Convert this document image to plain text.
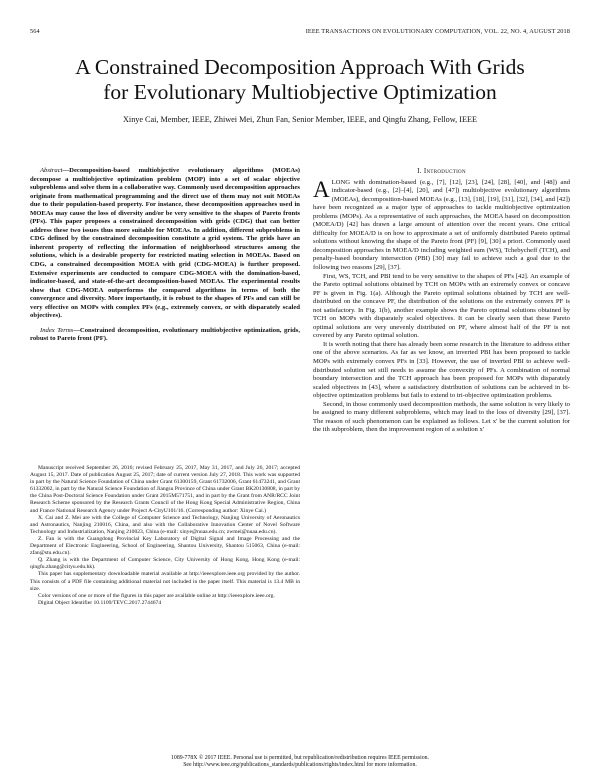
564	IEEE TRANSACTIONS ON EVOLUTIONARY COMPUTATION, VOL. 22, NO. 4, AUGUST 2018
A Constrained Decomposition Approach With Grids
for Evolutionary Multiobjective Optimization
Xinye Cai, Member, IEEE, Zhiwei Mei, Zhun Fan, Senior Member, IEEE, and Qingfu Zhang, Fellow, IEEE

Abstract—Decomposition-based multiobjective evolutionary algorithms (MOEAs) decompose a multiobjective optimization problem (MOP) into a set of scalar objective subproblems and solve them in a collaborative way. Commonly used decomposition approaches originate from mathematical programming and the direct use of them may not suit MOEAs due to their population-based property. For instance, these decomposition approaches used in MOEAs may cause the loss of diversity and/or be very sensitive to the shapes of Pareto fronts (PFs). This paper proposes a constrained decomposition with grids (CDG) that can better address these two issues thus more suitable for MOEAs. In addition, different subproblems in CDG defined by the constrained decomposition constitute a grid system. The grids have an inherent property of reflecting the information of neighborhood structures among the solutions, which is a desirable property for restricted mating selection in MOEAs. Based on CDG, a constrained decomposition MOEA with grid (CDG-MOEA) is further proposed. Extensive experiments are conducted to compare CDG-MOEA with the domination-based, indicator-based, and state-of-the-art decomposition-based MOEAs. The experimental results show that CDG-MOEA outperforms the compared algorithms in terms of both the convergence and diversity. More importantly, it is robust to the shapes of PFs and can still be very effective on MOPs with complex PFs (e.g., extremely convex, or with disparately scaled objectives).

Index Terms—Constrained decomposition, evolutionary multiobjective optimization, grids, robust to Pareto front (PF).

Manuscript received September 26, 2016; revised February 25, 2017, May 31, 2017, and July 26, 2017; accepted August 15, 2017. Date of publication August 25, 2017; date of current version July 27, 2018. This work was supported in part by the Natural Science Foundation of China under Grant 61300159, Grant 61732006, Grant 61473241, and Grant 61332002, in part by the Natural Science Foundation of Jiangsu Province of China under Grant BK20130808, in part by the China Post-Doctoral Science Foundation under Grant 2015M571751, and in part by the Grant from ANR/RCC Joint Research Scheme sponsored by the Research Grants Council of the Hong Kong Special Administrative Region, China and France National Research Agency under Project A-CityU101/16. (Corresponding author: Xinye Cai.)

X. Cai and Z. Mei are with the College of Computer Science and Technology, Nanjing University of Aeronautics and Astronautics, Nanjing 210016, China, and also with the Collaborative Innovation Center of Novel Software Technology and Industrialization, Nanjing 210023, China (e-mail: xinye@nuaa.edu.cn; zwmei@nuaa.edu.cn).

Z. Fan is with the Guangdong Provincial Key Laboratory of Digital Signal and Image Processing and the Department of Electronic Engineering, School of Engineering, Shantou University, Shantou 515063, China (e-mail: zfan@stu.edu.cn).

Q. Zhang is with the Department of Computer Science, City University of Hong Kong, Hong Kong (e-mail: qingfu.zhang@cityu.edu.hk).

This paper has supplementary downloadable material available at http://ieeexplore.ieee.org provided by the author. This consists of a PDF file containing additional material not included in the paper itself. This material is 13.4 MB in size.

Color versions of one or more of the figures in this paper are available online at http://ieeexplore.ieee.org.

Digital Object Identifier 10.1109/TEVC.2017.2744674

I. Introduction

ALONG with domination-based (e.g., [7], [12], [23], [24], [28], [40], and [48]) and indicator-based (e.g., [2]–[4], [20], and [47]) multiobjective evolutionary algorithms (MOEAs), decomposition-based MOEAs (e.g., [13], [18], [19], [31], [32], [34], and [42]) have been recognized as a major type of approaches to tackle multiobjective optimization problems (MOPs). As a representative of such approaches, the MOEA based on decomposition (MOEA/D) [42] has drawn a large amount of attention over the recent years. One critical difficulty for MOEA/D is on how to approximate a set of uniformly distributed Pareto optimal solutions without knowing the shape of the Pareto front (PF) [9], [30] a priori. Commonly used decomposition approaches in MOEA/D including weighted sum (WS), Tchebycheff (TCH), and penalty-based boundary intersection (PBI) [30] may fail to achieve such a goal due to the following two reasons [29], [37].

First, WS, TCH, and PBI tend to be very sensitive to the shapes of PFs [42]. An example of the Pareto optimal solutions obtained by TCH on MOPs with an extremely convex or concave PF is given in Fig. 1(a). Although the Pareto optimal solutions obtained by TCH are well-distributed on the concave PF, the distribution of the solutions on the extremely convex PF is not satisfactory. In Fig. 1(b), another example shows the Pareto optimal solutions obtained by TCH on MOPs with disparately scaled objectives. It can be clearly seen that these Pareto optimal solutions are very unevenly distributed on PF, where almost half of the PF is not covered by any Pareto optimal solution.

It is worth noting that there has already been some research in the literature to address either one of the above scenarios. As far as we know, an inverted PBI has been proposed to tackle MOPs with extremely convex PFs in [33]. However, the use of inverted PBI to achieve well-distributed solution set still needs to assume the convexity of PFs. A combination of normal boundary intersection and the TCH approach has been proposed for MOPs with disparately scaled objectives in [43], where a satisfactory distribution of solutions can be achieved in bi-objective optimization problems but fails to extend to tri-objective optimization problems.

Second, in those commonly used decomposition methods, the same solution is very likely to be assigned to many different subproblems, which may lead to the loss of diversity [29], [37]. The reason of such phenomenon can be explained as follows. Let x' be the current solution for the ith subproblem, then the improvement region of a solution x'

1089-778X © 2017 IEEE. Personal use is permitted, but republication/redistribution requires IEEE permission.
See http://www.ieee.org/publications_standards/publications/rights/index.html for more information.
